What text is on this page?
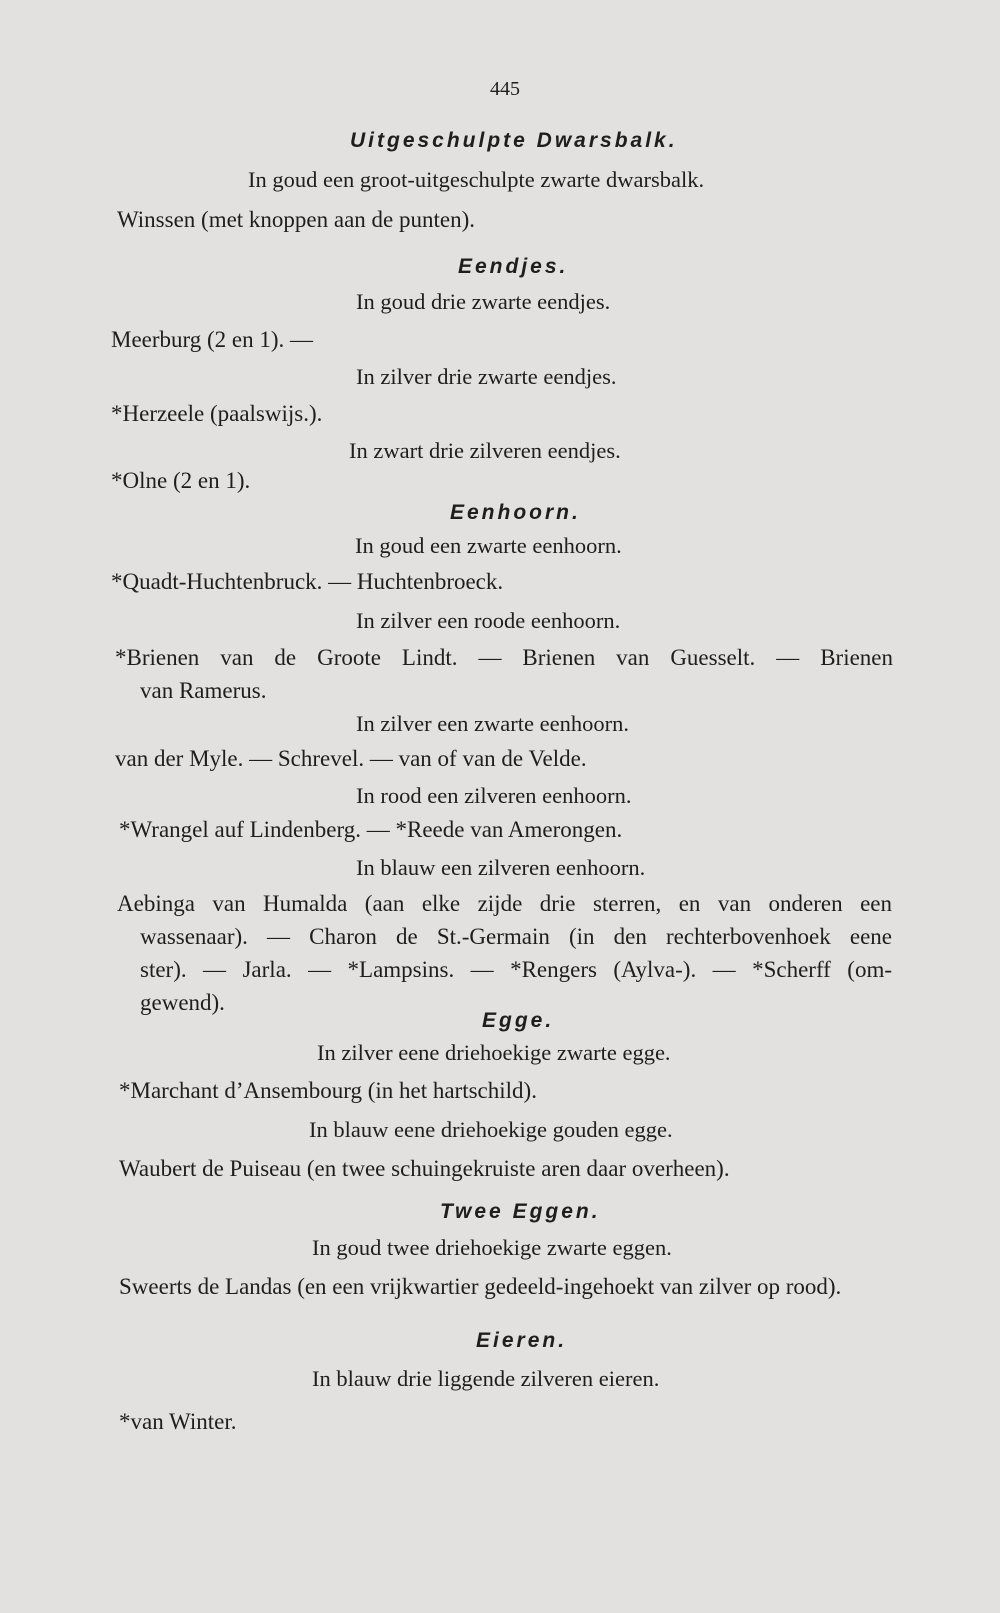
445
Uitgeschulpte Dwarsbalk.
In goud een groot-uitgeschulpte zwarte dwarsbalk.
Winssen (met knoppen aan de punten).
Eendjes.
In goud drie zwarte eendjes.
Meerburg (2 en 1). —
In zilver drie zwarte eendjes.
*Herzeele (paalswijs.).
In zwart drie zilveren eendjes.
*Olne (2 en 1).
Eenhoorn.
In goud een zwarte eenhoorn.
*Quadt-Huchtenbruck. — Huchtenbroeck.
In zilver een roode eenhoorn.
*Brienen van de Groote Lindt. — Brienen van Guesselt. — Brienen
van Ramerus.
In zilver een zwarte eenhoorn.
van der Myle. — Schrevel. — van of van de Velde.
In rood een zilveren eenhoorn.
*Wrangel auf Lindenberg. — *Reede van Amerongen.
In blauw een zilveren eenhoorn.
Aebinga van Humalda (aan elke zijde drie sterren, en van onderen een
wassenaar). — Charon de St.-Germain (in den rechterbovenhoek eene
ster). — Jarla. — *Lampsins. — *Rengers (Aylva-). — *Scherff (om-
gewend).
Egge.
In zilver eene driehoekige zwarte egge.
*Marchant d’Ansembourg (in het hartschild).
In blauw eene driehoekige gouden egge.
Waubert de Puiseau (en twee schuingekruiste aren daar overheen).
Twee Eggen.
In goud twee driehoekige zwarte eggen.
Sweerts de Landas (en een vrijkwartier gedeeld-ingehoekt van zilver op rood).
Eieren.
In blauw drie liggende zilveren eieren.
*van Winter.
